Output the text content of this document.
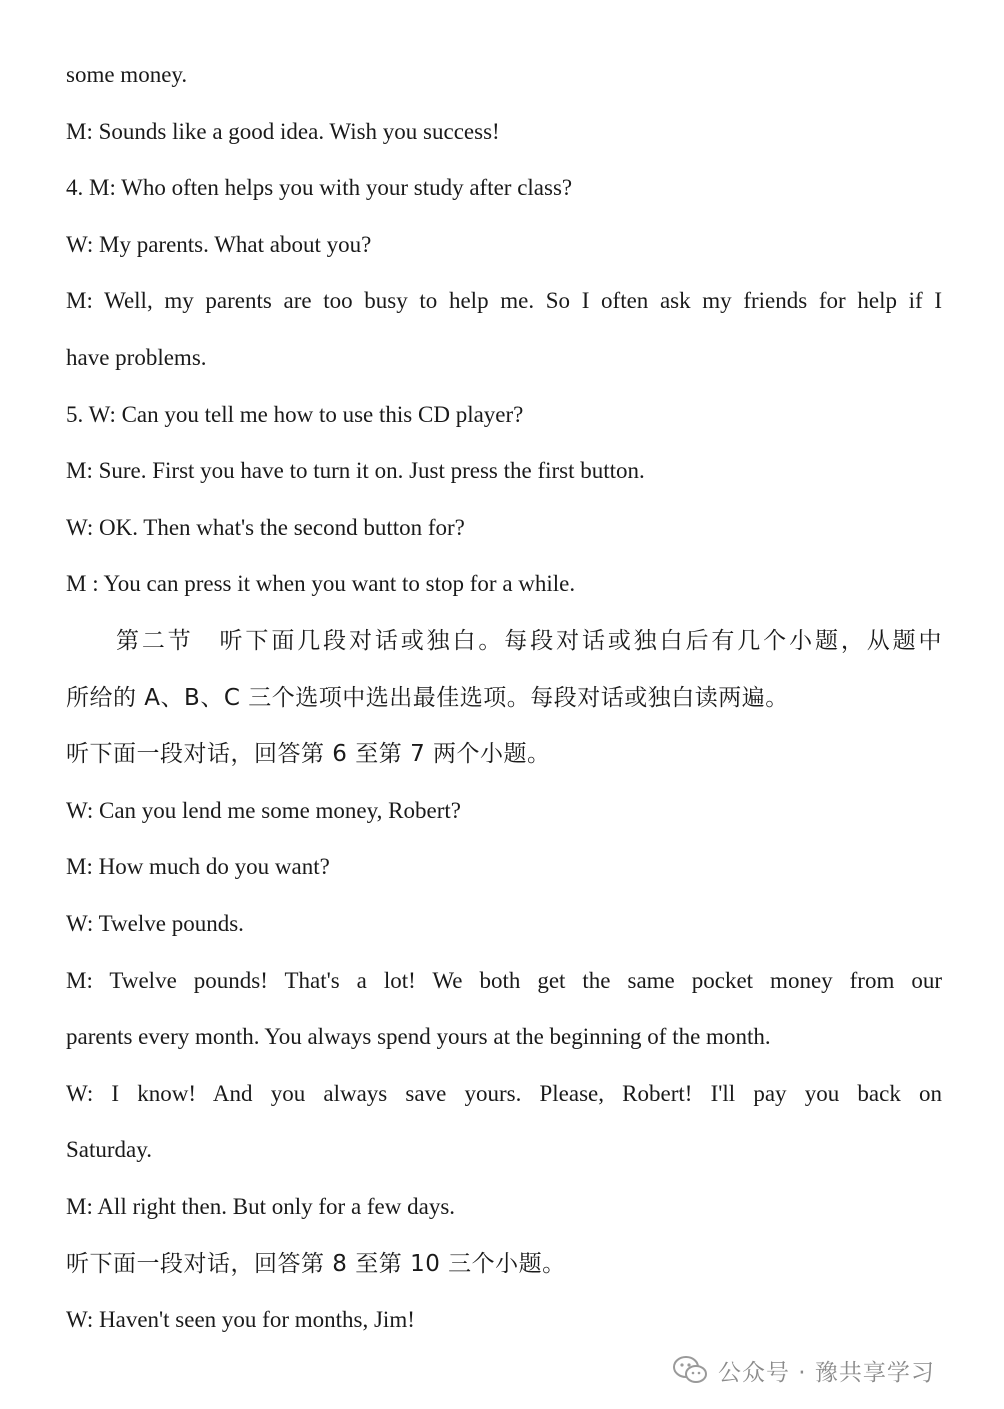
some money.
M: Sounds like a good idea. Wish you success!
4. M: Who often helps you with your study after class?
W: My parents. What about you?
M: Well, my parents are too busy to help me. So I often ask my friends for help if I
have problems.
5. W: Can you tell me how to use this CD player?
M: Sure. First you have to turn it on. Just press the first button.
W: OK. Then what's the second button for?
M : You can press it when you want to stop for a while.
第二节　听下面几段对话或独白。每段对话或独白后有几个小题，从题中
所给的 A、B、C 三个选项中选出最佳选项。每段对话或独白读两遍。
听下面一段对话，回答第 6 至第 7 两个小题。
W: Can you lend me some money, Robert?
M: How much do you want?
W: Twelve pounds.
M: Twelve pounds! That's a lot! We both get the same pocket money from our
parents every month. You always spend yours at the beginning of the month.
W: I know! And you always save yours. Please, Robert! I'll pay you back on
Saturday.
M: All right then. But only for a few days.
听下面一段对话，回答第 8 至第 10 三个小题。
W: Haven't seen you for months, Jim!
公众号 · 豫共享学习
